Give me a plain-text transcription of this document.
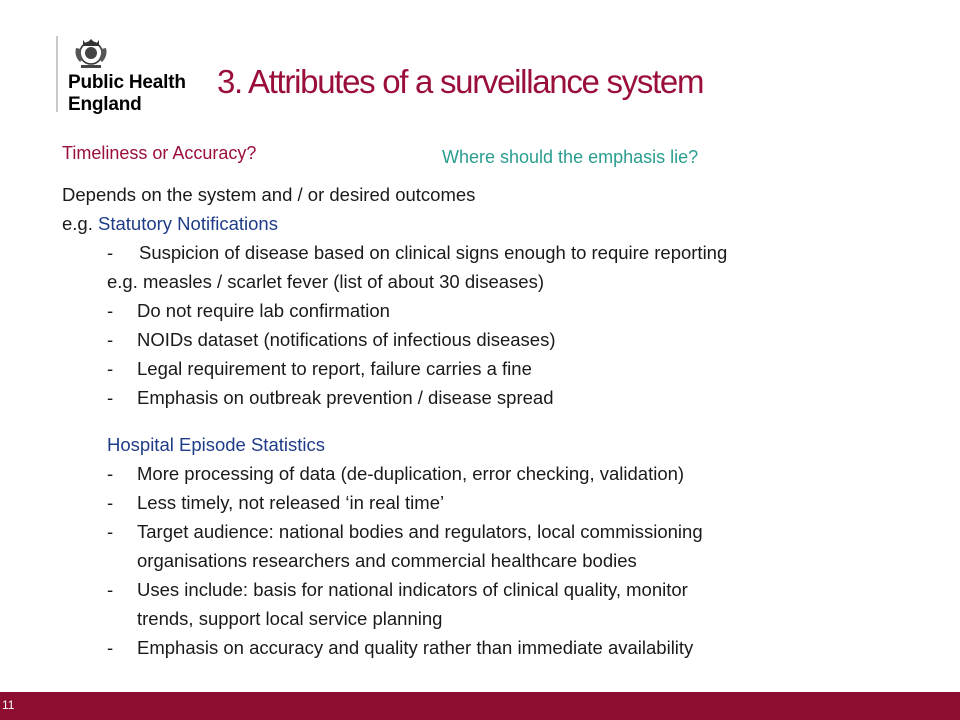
Public Health
England
3. Attributes of a surveillance system
Timeliness or Accuracy?	Where should the emphasis lie?
Depends on the system and / or desired outcomes
e.g. Statutory Notifications
-	Suspicion of disease based on clinical signs enough to require reporting
e.g. measles / scarlet fever (list of about 30 diseases)
-	Do not require lab confirmation
-	NOIDs dataset (notifications of infectious diseases)
-	Legal requirement to report, failure carries a fine
-	Emphasis on outbreak prevention / disease spread
Hospital Episode Statistics
-	More processing of data (de-duplication, error checking, validation)
-	Less timely, not released ‘in real time’
-	Target audience: national bodies and regulators, local commissioning
organisations researchers and commercial healthcare bodies
-	Uses include: basis for national indicators of clinical quality, monitor
trends, support local service planning
-	Emphasis on accuracy and quality rather than immediate availability
11
